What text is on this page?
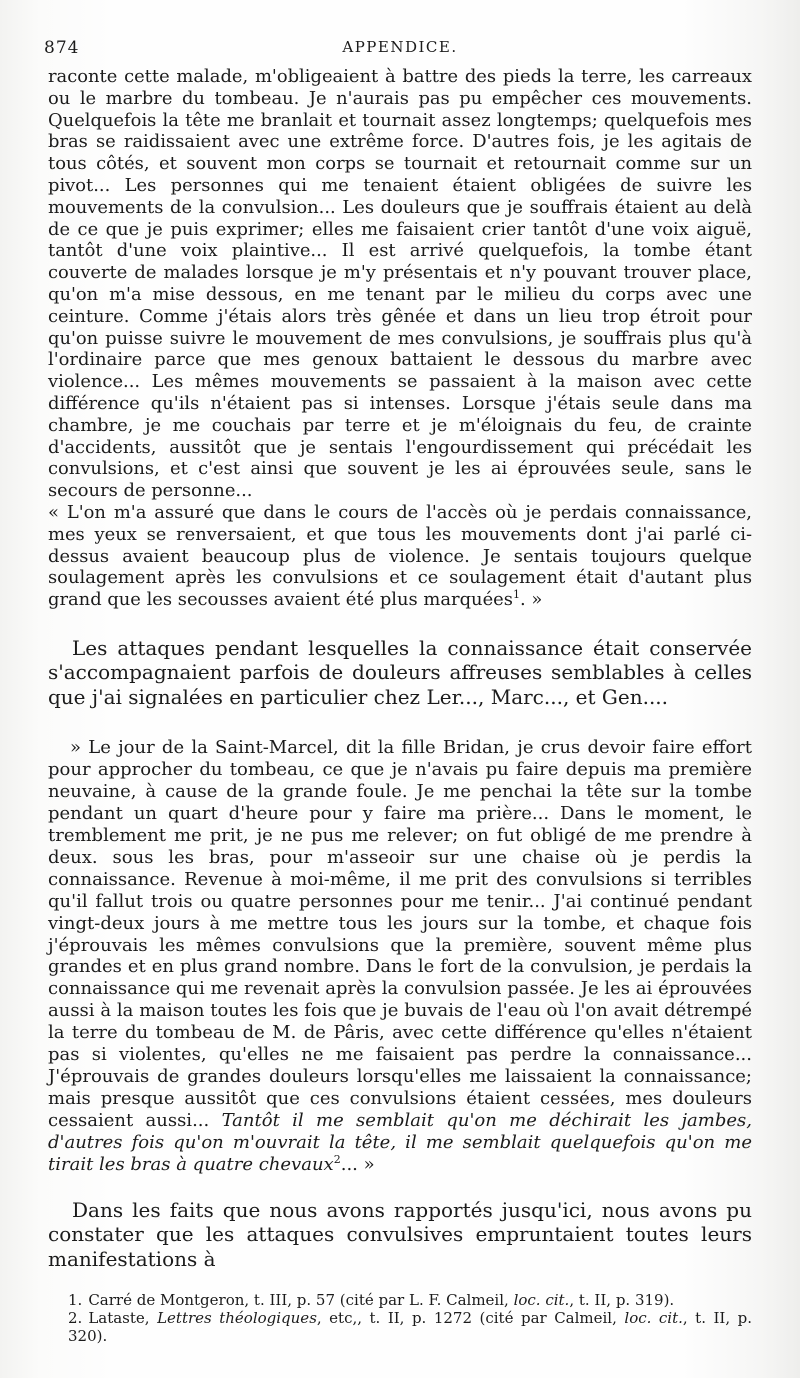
874	APPENDICE.

raconte cette malade, m'obligeaient à battre des pieds la terre, les carreaux ou le marbre du tombeau. Je n'aurais pas pu empêcher ces mouvements. Quelquefois la tête me branlait et tournait assez longtemps; quelquefois mes bras se raidissaient avec une extrême force. D'autres fois, je les agitais de tous côtés, et souvent mon corps se tournait et retournait comme sur un pivot... Les personnes qui me tenaient étaient obligées de suivre les mouvements de la convulsion... Les douleurs que je souffrais étaient au delà de ce que je puis exprimer; elles me faisaient crier tantôt d'une voix aiguë, tantôt d'une voix plaintive... Il est arrivé quelquefois, la tombe étant couverte de malades lorsque je m'y présentais et n'y pouvant trouver place, qu'on m'a mise dessous, en me tenant par le milieu du corps avec une ceinture. Comme j'étais alors très gênée et dans un lieu trop étroit pour qu'on puisse suivre le mouvement de mes convulsions, je souffrais plus qu'à l'ordinaire parce que mes genoux battaient le dessous du marbre avec violence... Les mêmes mouvements se passaient à la maison avec cette différence qu'ils n'étaient pas si intenses. Lorsque j'étais seule dans ma chambre, je me couchais par terre et je m'éloignais du feu, de crainte d'accidents, aussitôt que je sentais l'engourdissement qui précédait les convulsions, et c'est ainsi que souvent je les ai éprouvées seule, sans le secours de personne...

« L'on m'a assuré que dans le cours de l'accès où je perdais connaissance, mes yeux se renversaient, et que tous les mouvements dont j'ai parlé ci-dessus avaient beaucoup plus de violence. Je sentais toujours quelque soulagement après les convulsions et ce soulagement était d'autant plus grand que les secousses avaient été plus marquées$^1$. »

Les attaques pendant lesquelles la connaissance était conservée s'accompagnaient parfois de douleurs affreuses semblables à celles que j'ai signalées en particulier chez Ler..., Marc..., et Gen....

» Le jour de la Saint-Marcel, dit la fille Bridan, je crus devoir faire effort pour approcher du tombeau, ce que je n'avais pu faire depuis ma première neuvaine, à cause de la grande foule. Je me penchai la tête sur la tombe pendant un quart d'heure pour y faire ma prière... Dans le moment, le tremblement me prit, je ne pus me relever; on fut obligé de me prendre à deux. sous les bras, pour m'asseoir sur une chaise où je perdis la connaissance. Revenue à moi-même, il me prit des convulsions si terribles qu'il fallut trois ou quatre personnes pour me tenir... J'ai continué pendant vingt-deux jours à me mettre tous les jours sur la tombe, et chaque fois j'éprouvais les mêmes convulsions que la première, souvent même plus grandes et en plus grand nombre. Dans le fort de la convulsion, je perdais la connaissance qui me revenait après la convulsion passée. Je les ai éprouvées aussi à la maison toutes les fois que je buvais de l'eau où l'on avait détrempé la terre du tombeau de M. de Pâris, avec cette différence qu'elles n'étaient pas si violentes, qu'elles ne me faisaient pas perdre la connaissance... J'éprouvais de grandes douleurs lorsqu'elles me laissaient la connaissance; mais presque aussitôt que ces convulsions étaient cessées, mes douleurs cessaient aussi... Tantôt il me semblait qu'on me déchirait les jambes, d'autres fois qu'on m'ouvrait la tête, il me semblait quelquefois qu'on me tirait les bras à quatre chevaux$^2$... »

Dans les faits que nous avons rapportés jusqu'ici, nous avons pu constater que les attaques convulsives empruntaient toutes leurs manifestations à

1. Carré de Montgeron, t. III, p. 57 (cité par L. F. Calmeil, loc. cit., t. II, p. 319).

2. Lataste, Lettres théologiques, etc,, t. II, p. 1272 (cité par Calmeil, loc. cit., t. II, p. 320).
